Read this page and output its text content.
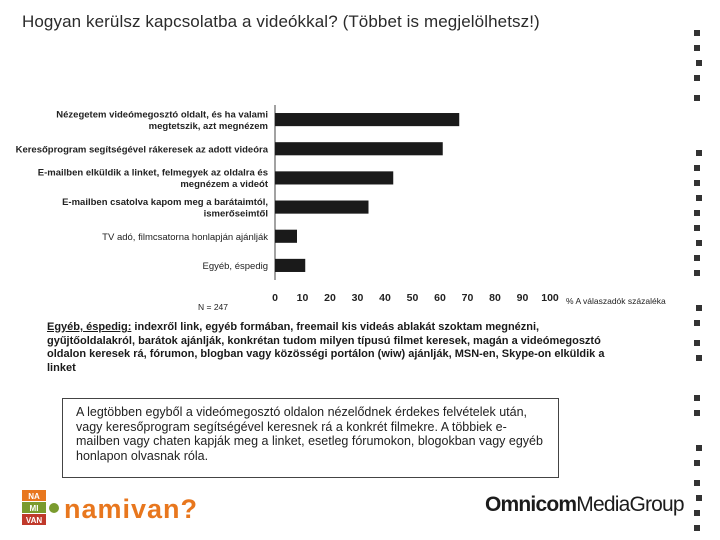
Hogyan kerülsz kapcsolatba a videókkal? (Többet is megjelölhetsz!)
Nézegetem videómegosztó oldalt, és ha valami
megtetszik, azt megnézem
Keresőprogram segítségével rákeresek az adott videóra
E-mailben elküldik a linket, felmegyek az oldalra és
megnézem a videót
E-mailben csatolva kapom meg a barátaimtól,
ismerőseimtől
TV adó, filmcsatorna honlapján ajánlják
Egyéb, éspedig
0 10 20 30 40 50 60 70 80 90 100 % A válaszadók százaléka
N = 247
Egyéb, éspedig: indexről link, egyéb formában, freemail kis videás ablakát szoktam megnézni, gyűjtőoldalakról, barátok ajánlják, konkrétan tudom milyen típusú filmet keresek, magán a videómegosztó oldalon keresek rá, fórumon, blogban vagy közösségi portálon (wiw) ajánlják, MSN-en, Skype-on elküldik a linket

A legtöbben egyből a videómegosztó oldalon nézelődnek érdekes felvételek után, vagy keresőprogram segítségével keresnek rá a konkrét filmekre. A többiek e-mailben vagy chaten kapják meg a linket, esetleg fórumokon, blogokban vagy egyéb honlapon olvasnak róla.

NA
MI
VAN namivan?	OmnicomMediaGroup
